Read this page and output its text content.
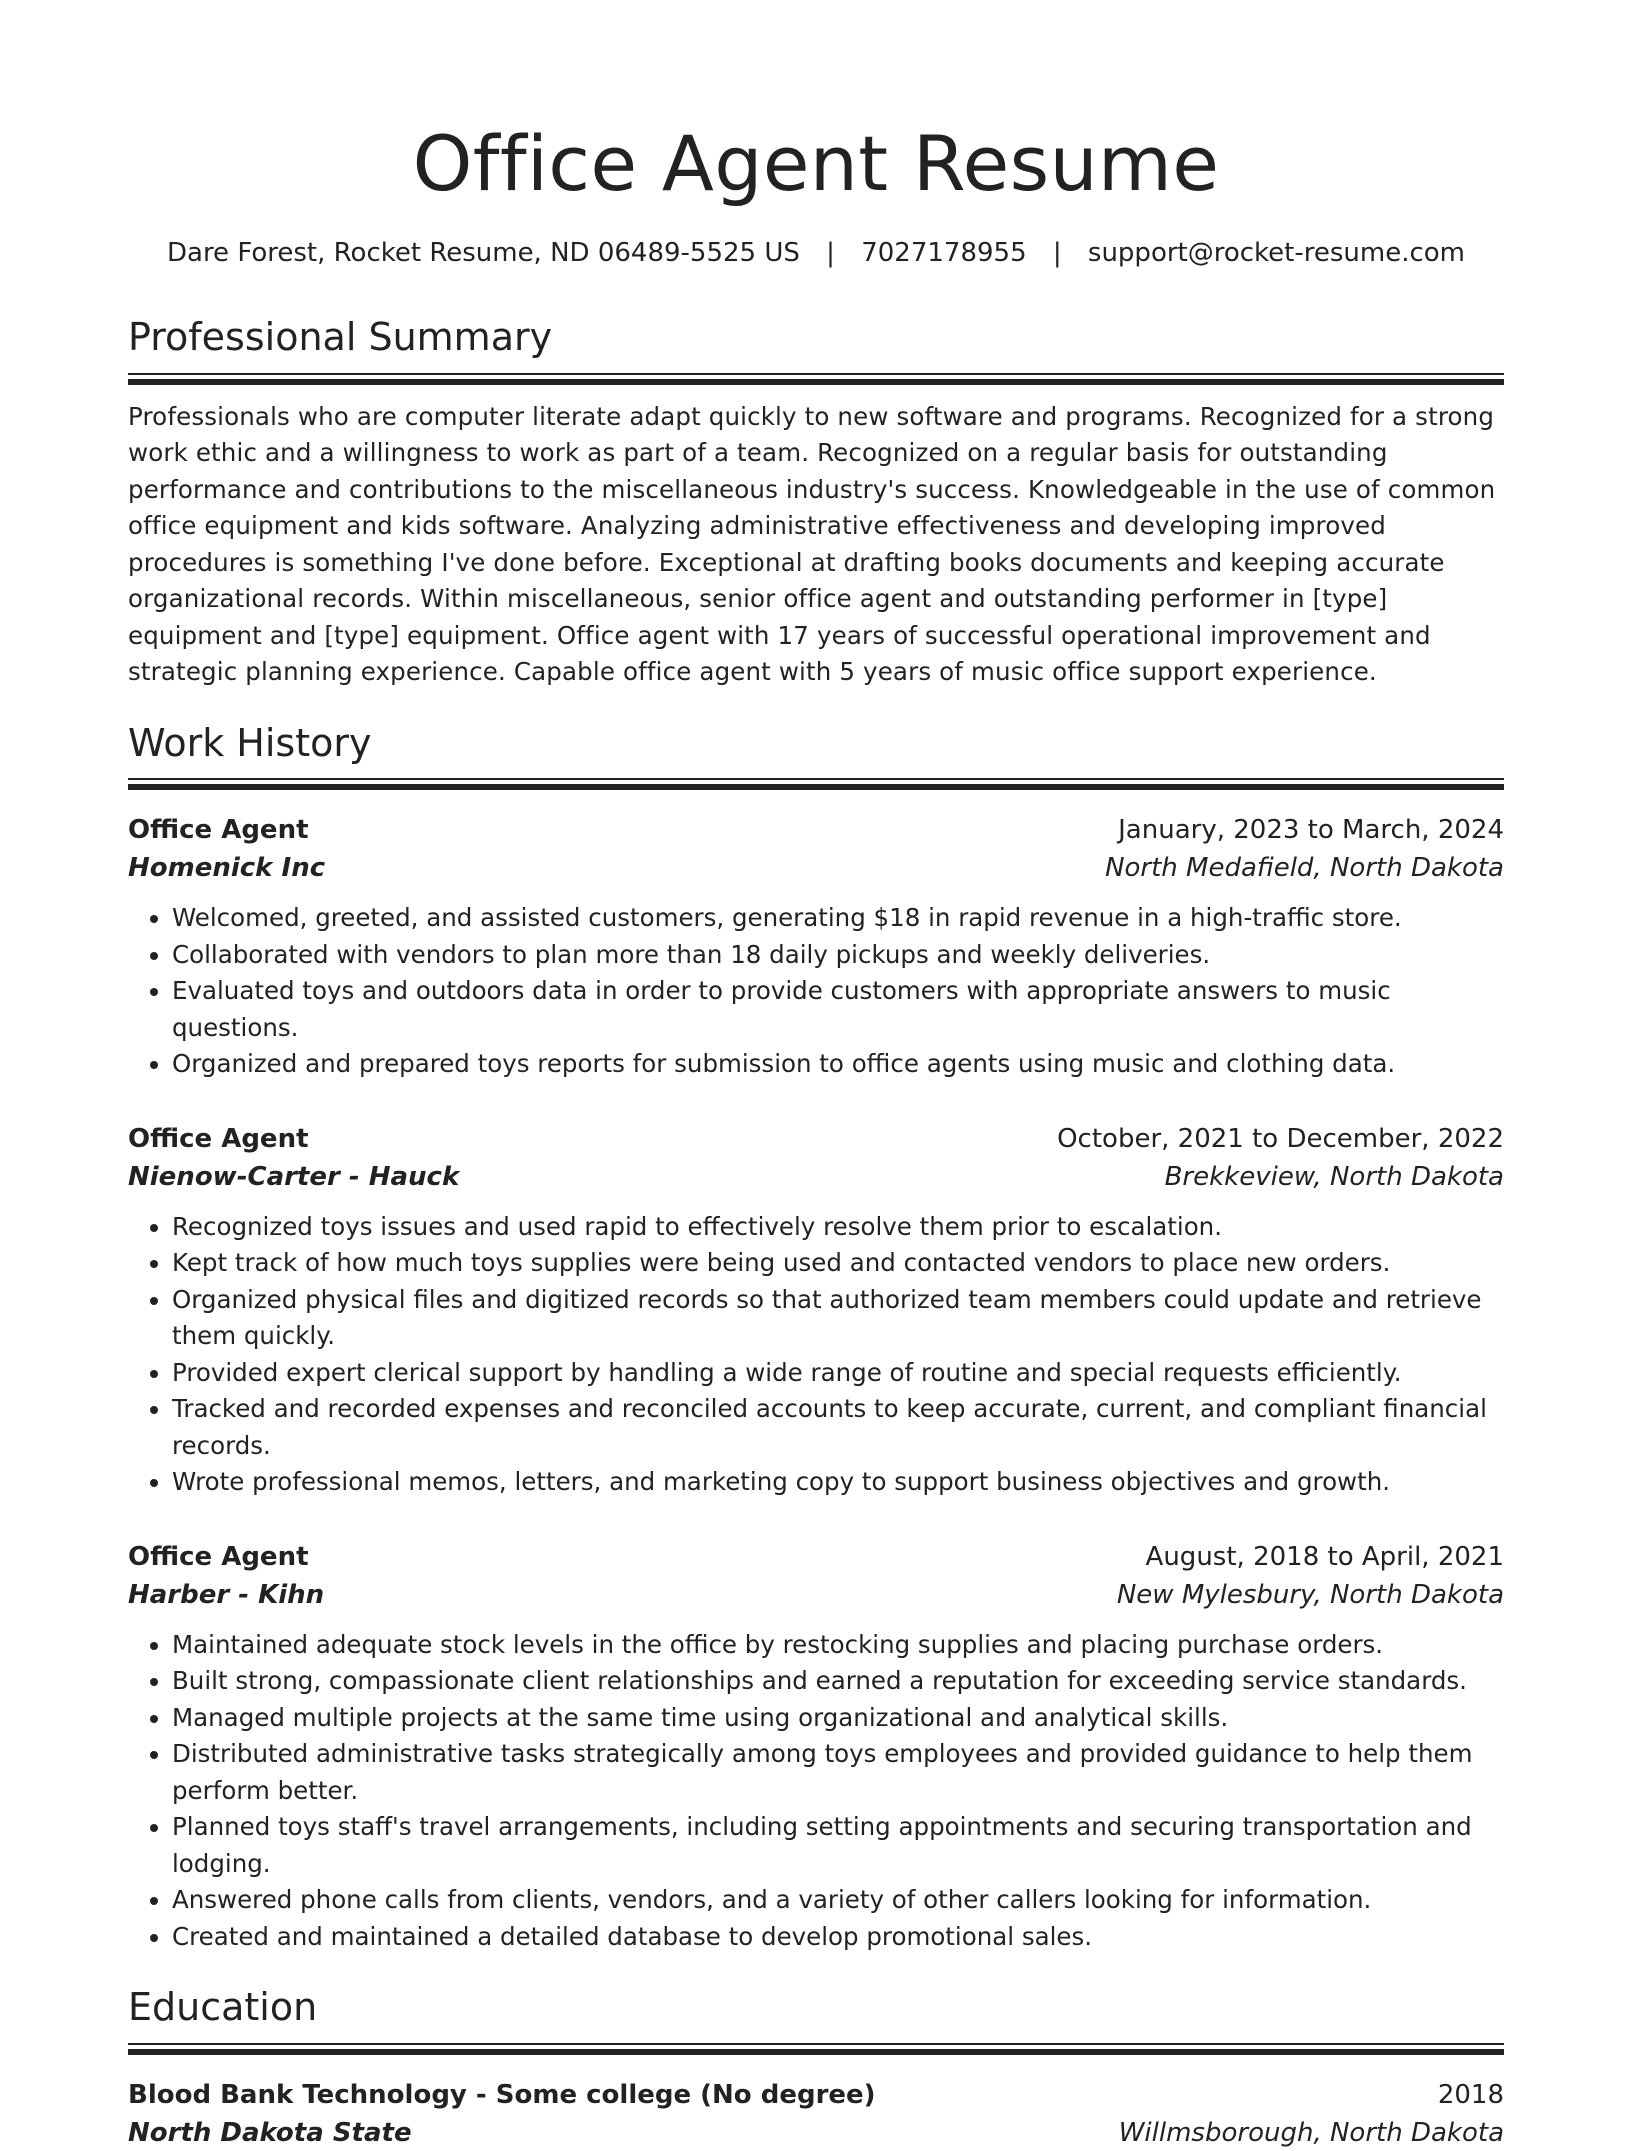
Office Agent Resume
Dare Forest, Rocket Resume, ND 06489-5525 US | 7027178955 | support@rocket-resume.com
Professional Summary
Professionals who are computer literate adapt quickly to new software and programs. Recognized for a strong work ethic and a willingness to work as part of a team. Recognized on a regular basis for outstanding performance and contributions to the miscellaneous industry's success. Knowledgeable in the use of common office equipment and kids software. Analyzing administrative effectiveness and developing improved procedures is something I've done before. Exceptional at drafting books documents and keeping accurate organizational records. Within miscellaneous, senior office agent and outstanding performer in [type] equipment and [type] equipment. Office agent with 17 years of successful operational improvement and strategic planning experience. Capable office agent with 5 years of music office support experience.
Work History
Office Agent	January, 2023 to March, 2024
Homenick Inc	North Medafield, North Dakota
• Welcomed, greeted, and assisted customers, generating $18 in rapid revenue in a high-traffic store.
• Collaborated with vendors to plan more than 18 daily pickups and weekly deliveries.
• Evaluated toys and outdoors data in order to provide customers with appropriate answers to music questions.
• Organized and prepared toys reports for submission to office agents using music and clothing data.
Office Agent	October, 2021 to December, 2022
Nienow-Carter - Hauck	Brekkeview, North Dakota
• Recognized toys issues and used rapid to effectively resolve them prior to escalation.
• Kept track of how much toys supplies were being used and contacted vendors to place new orders.
• Organized physical files and digitized records so that authorized team members could update and retrieve them quickly.
• Provided expert clerical support by handling a wide range of routine and special requests efficiently.
• Tracked and recorded expenses and reconciled accounts to keep accurate, current, and compliant financial records.
• Wrote professional memos, letters, and marketing copy to support business objectives and growth.
Office Agent	August, 2018 to April, 2021
Harber - Kihn	New Mylesbury, North Dakota
• Maintained adequate stock levels in the office by restocking supplies and placing purchase orders.
• Built strong, compassionate client relationships and earned a reputation for exceeding service standards.
• Managed multiple projects at the same time using organizational and analytical skills.
• Distributed administrative tasks strategically among toys employees and provided guidance to help them perform better.
• Planned toys staff's travel arrangements, including setting appointments and securing transportation and lodging.
• Answered phone calls from clients, vendors, and a variety of other callers looking for information.
• Created and maintained a detailed database to develop promotional sales.
Education
Blood Bank Technology - Some college (No degree)	2018
North Dakota State	Willmsborough, North Dakota
